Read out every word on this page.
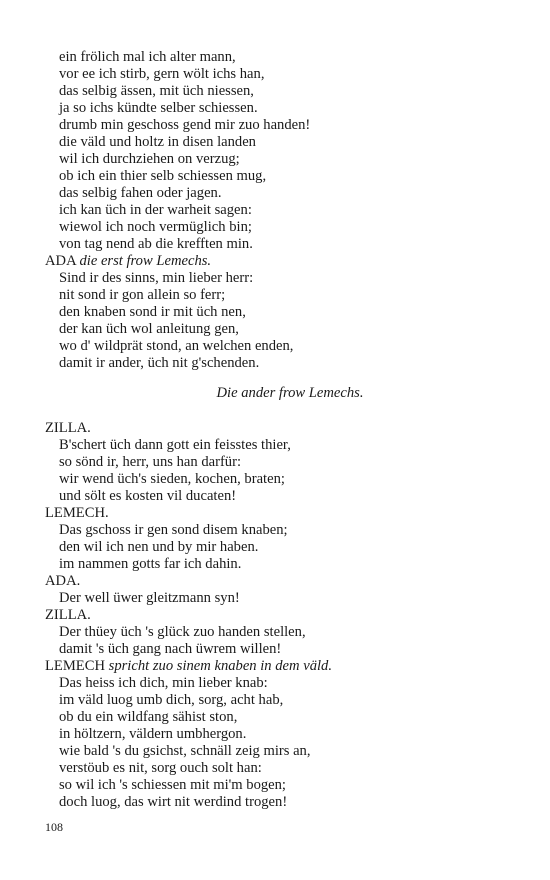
ein frölich mal ich alter mann,
vor ee ich stirb, gern wölt ichs han,
das selbig ässen, mit üch niessen,
ja so ichs kündte selber schiessen.
drumb min geschoss gend mir zuo handen!
die väld und holtz in disen landen
wil ich durchziehen on verzug;
ob ich ein thier selb schiessen mug,
das selbig fahen oder jagen.
ich kan üch in der warheit sagen:
wiewol ich noch vermüglich bin;
von tag nend ab die krefften min.
ADA die erst frow Lemechs.
Sind ir des sinns, min lieber herr:
nit sond ir gon allein so ferr;
den knaben sond ir mit üch nen,
der kan üch wol anleitung gen,
wo d' wildprät stond, an welchen enden,
damit ir ander, üch nit g'schenden.
Die ander frow Lemechs.
ZILLA.
B'schert üch dann gott ein feisstes thier,
so sönd ir, herr, uns han darfür:
wir wend üch's sieden, kochen, braten;
und sölt es kosten vil ducaten!
LEMECH.
Das gschoss ir gen sond disem knaben;
den wil ich nen und by mir haben.
im nammen gotts far ich dahin.
ADA.
Der well üwer gleitzmann syn!
ZILLA.
Der thüey üch 's glück zuo handen stellen,
damit 's üch gang nach üwrem willen!
LEMECH spricht zuo sinem knaben in dem väld.
Das heiss ich dich, min lieber knab:
im väld luog umb dich, sorg, acht hab,
ob du ein wildfang sähist ston,
in höltzern, väldern umbhergon.
wie bald 's du gsichst, schnäll zeig mirs an,
verstöub es nit, sorg ouch solt han:
so wil ich 's schiessen mit mi'm bogen;
doch luog, das wirt nit werdind trogen!
108
